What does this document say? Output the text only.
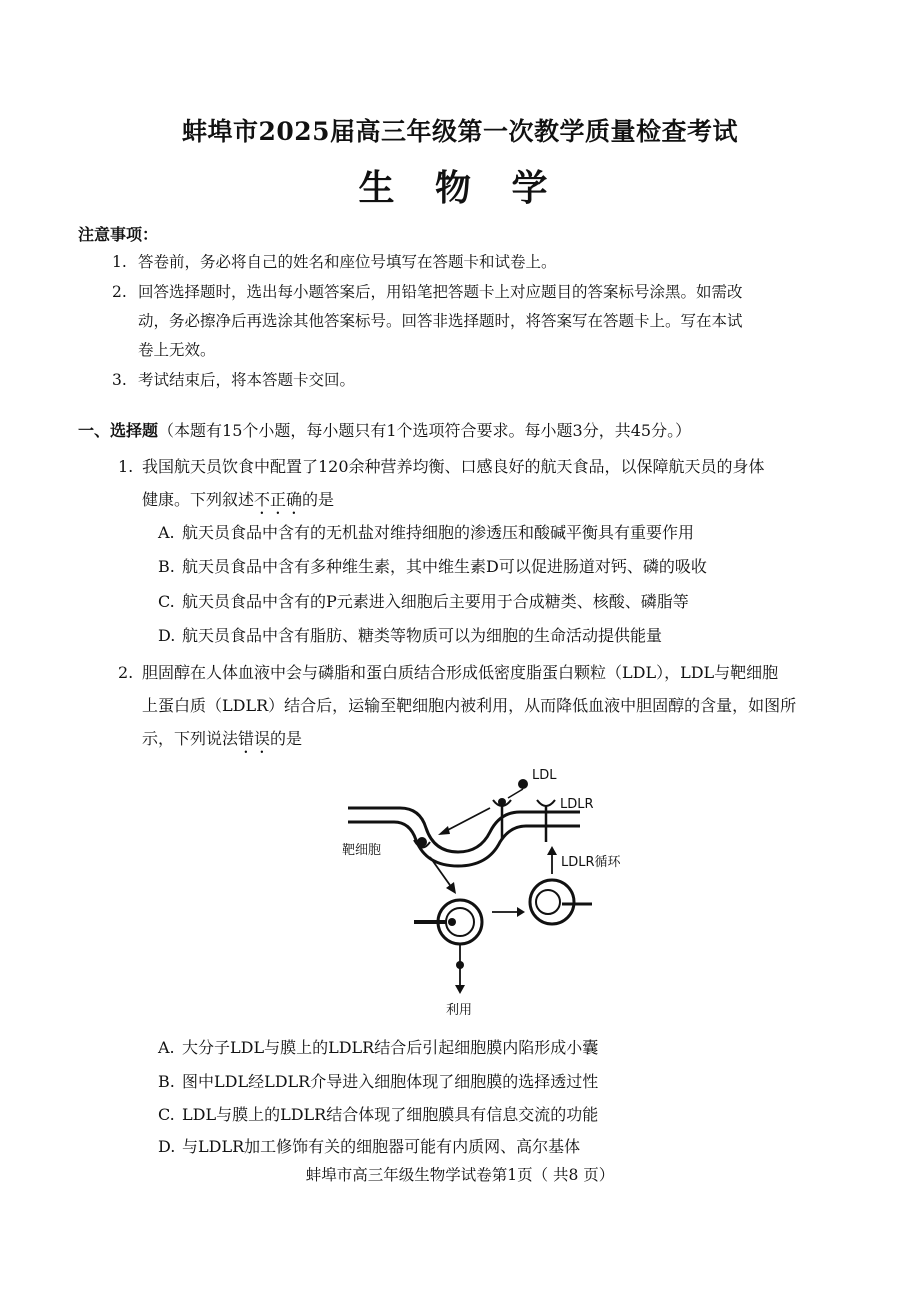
蚌埠市2025届高三年级第一次教学质量检查考试
生 物 学
注意事项：
1. 答卷前，务必将自己的姓名和座位号填写在答题卡和试卷上。
2. 回答选择题时，选出每小题答案后，用铅笔把答题卡上对应题目的答案标号涂黑。如需改
动，务必擦净后再选涂其他答案标号。回答非选择题时，将答案写在答题卡上。写在本试
卷上无效。
3. 考试结束后，将本答题卡交回。
一、选择题（本题有15个小题，每小题只有1个选项符合要求。每小题3分，共45分。）
1. 我国航天员饮食中配置了120余种营养均衡、口感良好的航天食品，以保障航天员的身体
健康。下列叙述不正确的是
A. 航天员食品中含有的无机盐对维持细胞的渗透压和酸碱平衡具有重要作用
B. 航天员食品中含有多种维生素，其中维生素D可以促进肠道对钙、磷的吸收
C. 航天员食品中含有的P元素进入细胞后主要用于合成糖类、核酸、磷脂等
D. 航天员食品中含有脂肪、糖类等物质可以为细胞的生命活动提供能量
2. 胆固醇在人体血液中会与磷脂和蛋白质结合形成低密度脂蛋白颗粒（LDL），LDL与靶细胞
上蛋白质（LDLR）结合后，运输至靶细胞内被利用，从而降低血液中胆固醇的含量，如图所
示，下列说法错误的是
LDL
LDLR
靶细胞
LDLR循环
利用
A. 大分子LDL与膜上的LDLR结合后引起细胞膜内陷形成小囊
B. 图中LDL经LDLR介导进入细胞体现了细胞膜的选择透过性
C. LDL与膜上的LDLR结合体现了细胞膜具有信息交流的功能
D. 与LDLR加工修饰有关的细胞器可能有内质网、高尔基体
蚌埠市高三年级生物学试卷第1页（ 共8 页）
